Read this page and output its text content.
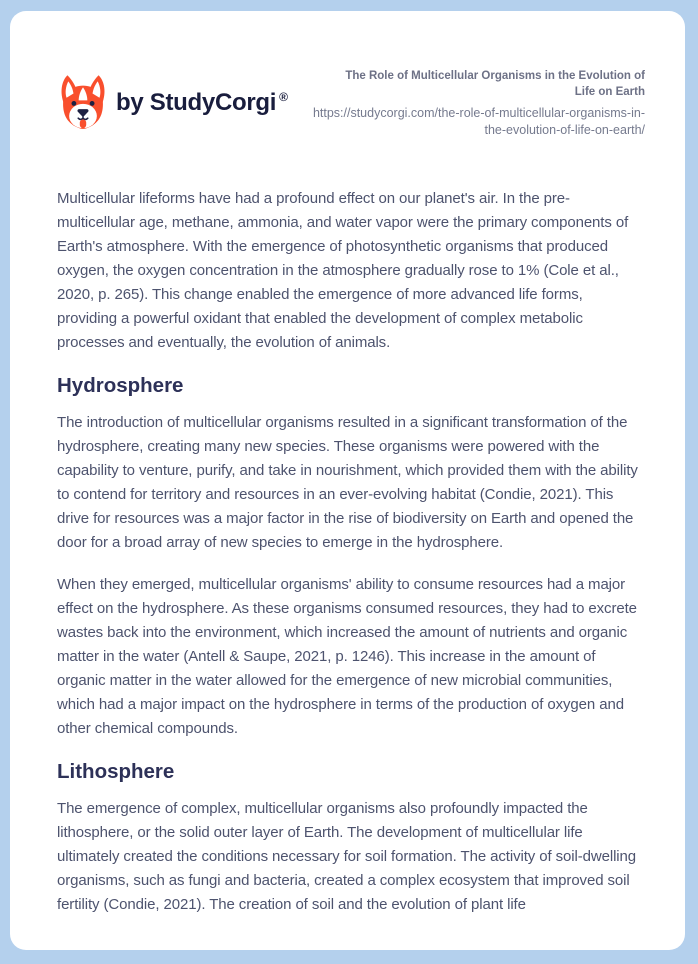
by StudyCorgi ®
The Role of Multicellular Organisms in the Evolution of
Life on Earth
https://studycorgi.com/the-role-of-multicellular-organisms-in-
the-evolution-of-life-on-earth/

Multicellular lifeforms have had a profound effect on our planet's air. In the pre-multicellular age, methane, ammonia, and water vapor were the primary components of Earth's atmosphere. With the emergence of photosynthetic organisms that produced oxygen, the oxygen concentration in the atmosphere gradually rose to 1% (Cole et al., 2020, p. 265). This change enabled the emergence of more advanced life forms, providing a powerful oxidant that enabled the development of complex metabolic processes and eventually, the evolution of animals.

Hydrosphere

The introduction of multicellular organisms resulted in a significant transformation of the hydrosphere, creating many new species. These organisms were powered with the capability to venture, purify, and take in nourishment, which provided them with the ability to contend for territory and resources in an ever-evolving habitat (Condie, 2021). This drive for resources was a major factor in the rise of biodiversity on Earth and opened the door for a broad array of new species to emerge in the hydrosphere.

When they emerged, multicellular organisms' ability to consume resources had a major effect on the hydrosphere. As these organisms consumed resources, they had to excrete wastes back into the environment, which increased the amount of nutrients and organic matter in the water (Antell & Saupe, 2021, p. 1246). This increase in the amount of organic matter in the water allowed for the emergence of new microbial communities, which had a major impact on the hydrosphere in terms of the production of oxygen and other chemical compounds.

Lithosphere

The emergence of complex, multicellular organisms also profoundly impacted the lithosphere, or the solid outer layer of Earth. The development of multicellular life ultimately created the conditions necessary for soil formation. The activity of soil-dwelling organisms, such as fungi and bacteria, created a complex ecosystem that improved soil fertility (Condie, 2021). The creation of soil and the evolution of plant life
